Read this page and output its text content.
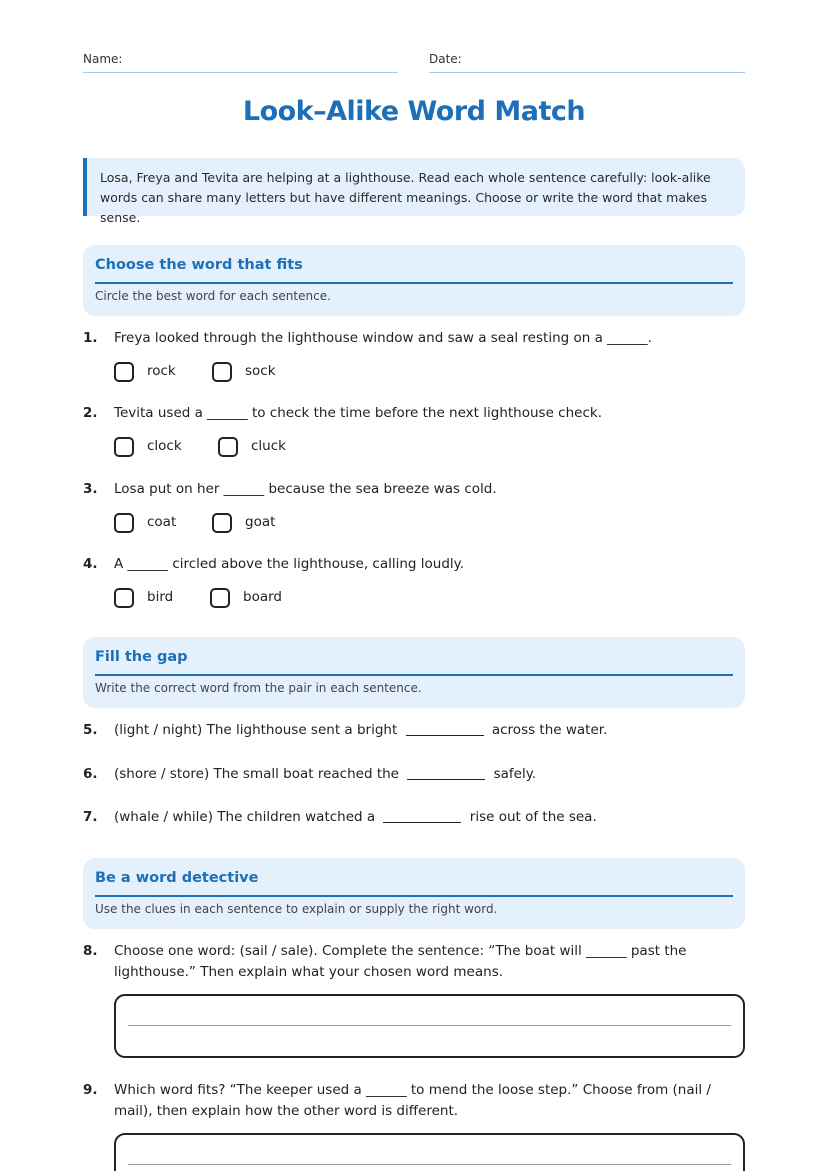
Name:	Date:
Look–Alike Word Match
Losa, Freya and Tevita are helping at a lighthouse. Read each whole sentence carefully: look-alike words can share many letters but have different meanings. Choose or write the word that makes sense.
Choose the word that fits
Circle the best word for each sentence.
1. Freya looked through the lighthouse window and saw a seal resting on a ______.
rock	sock
2. Tevita used a ______ to check the time before the next lighthouse check.
clock	cluck
3. Losa put on her ______ because the sea breeze was cold.
coat	goat
4. A ______ circled above the lighthouse, calling loudly.
bird	board
Fill the gap
Write the correct word from the pair in each sentence.
5. (light / night) The lighthouse sent a bright	across the water.
6. (shore / store) The small boat reached the	safely.
7. (whale / while) The children watched a	rise out of the sea.
Be a word detective
Use the clues in each sentence to explain or supply the right word.
8. Choose one word: (sail / sale). Complete the sentence: “The boat will ______ past the lighthouse.” Then explain what your chosen word means.
9. Which word fits? “The keeper used a ______ to mend the loose step.” Choose from (nail / mail), then explain how the other word is different.
